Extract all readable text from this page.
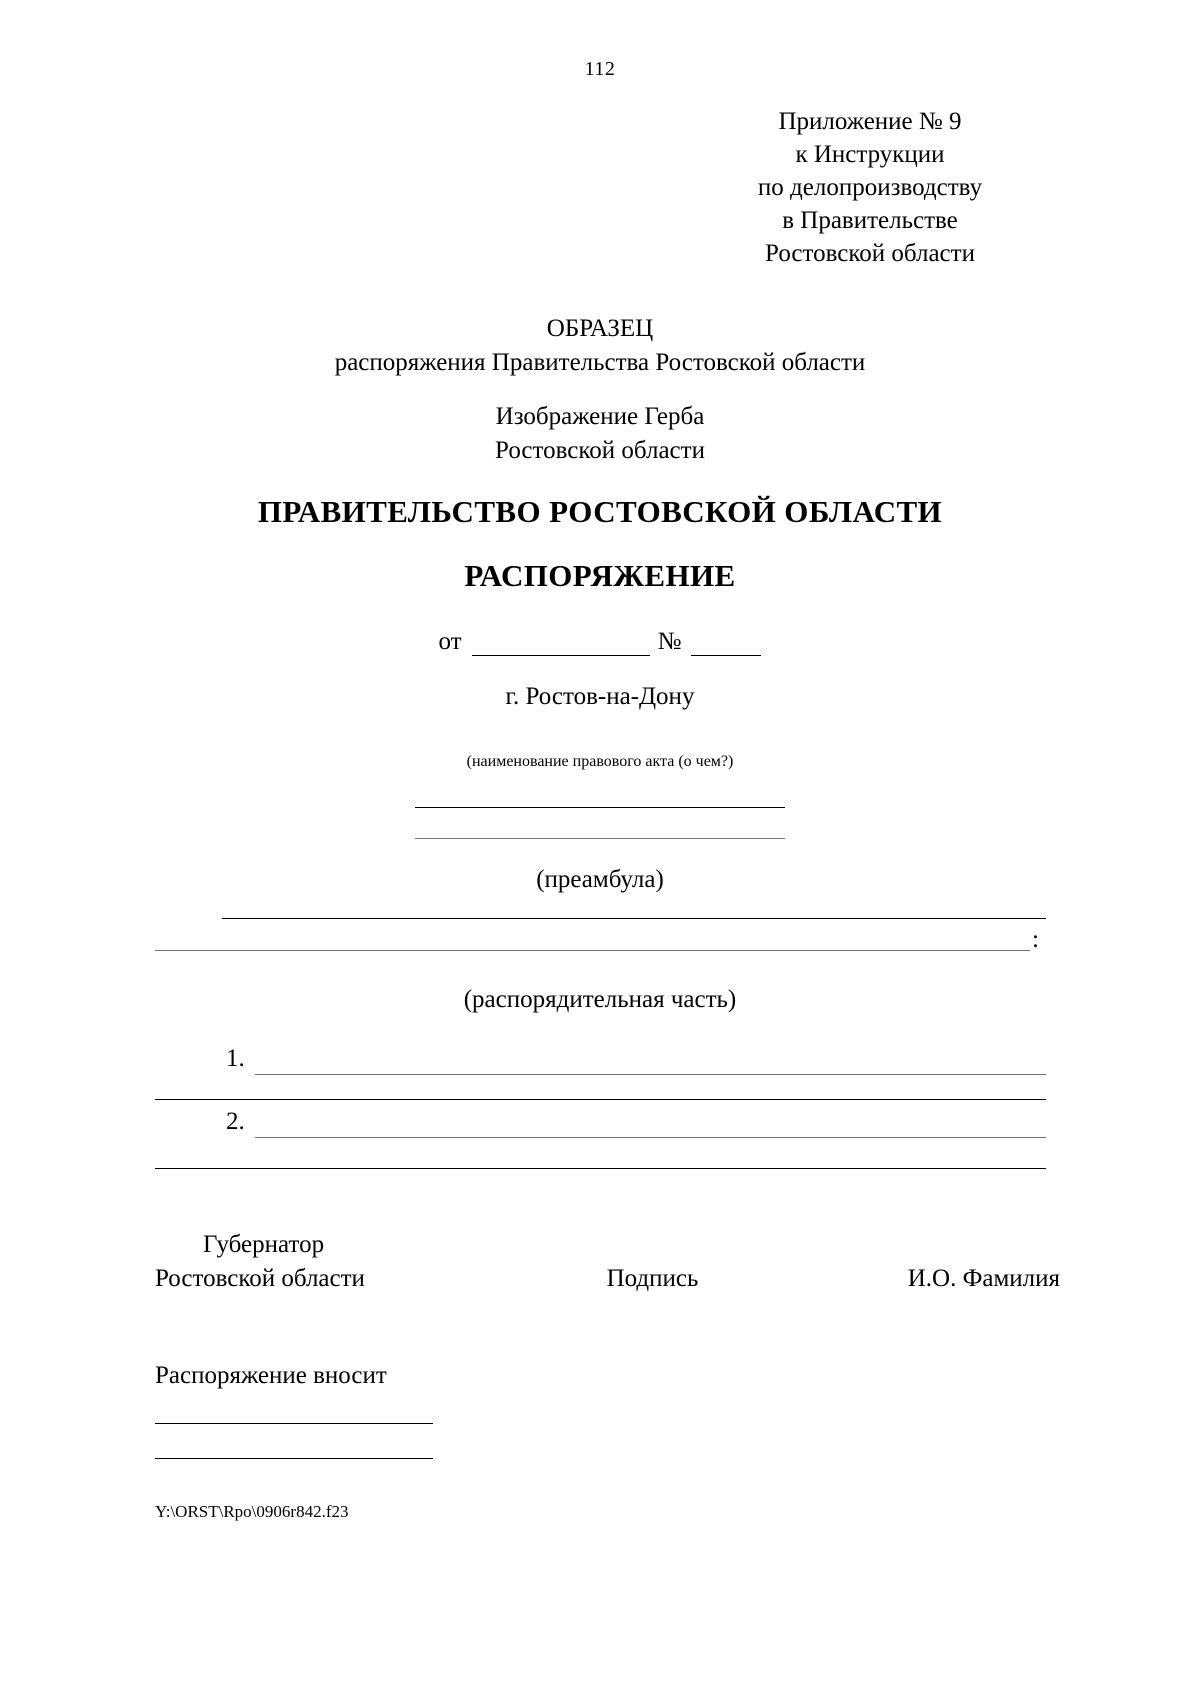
112
Приложение № 9
к Инструкции
по делопроизводству
в Правительстве
Ростовской области
ОБРАЗЕЦ
распоряжения Правительства Ростовской области
Изображение Герба
Ростовской области
ПРАВИТЕЛЬСТВО РОСТОВСКОЙ ОБЛАСТИ
РАСПОРЯЖЕНИЕ
от	№
г. Ростов-на-Дону
(наименование правового акта (о чем?)
(преамбула)
:
(распорядительная часть)
1.
2.
Губернатор
Ростовской области	Подпись	И.О. Фамилия
Распоряжение вносит
Y:\ORST\Rpo\0906r842.f23
